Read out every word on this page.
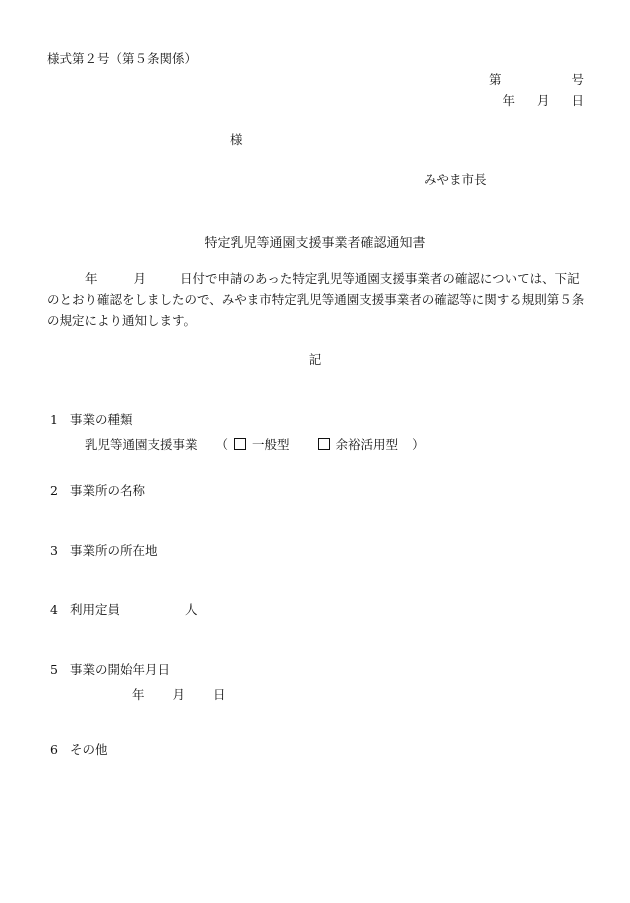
様式第２号（第５条関係）
第	号
年 月 日
様
みやま市長
特定乳児等通園支援事業者確認通知書

年	月	日付で申請のあった特定乳児等通園支援事業者の確認については、下記のとおり確認をしましたので、みやま市特定乳児等通園支援事業者の確認等に関する規則第５条の規定により通知します。

記
1 事業の種類
乳児等通園支援事業 （ 一般型	余裕活用型 ）
2 事業所の名称
3 事業所の所在地
4 利用定員	人
5 事業の開始年月日
年 月 日
6 その他
